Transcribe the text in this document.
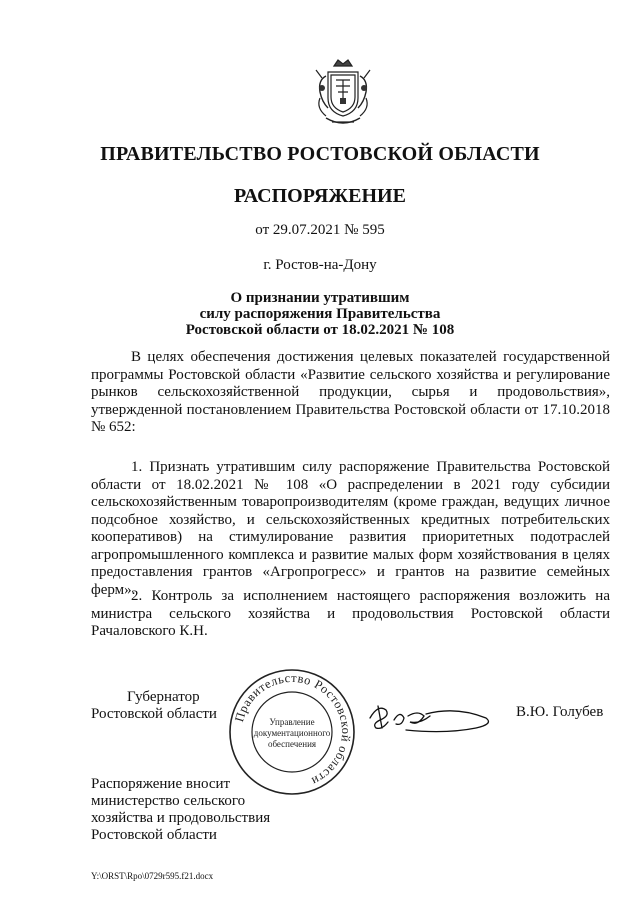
ПРАВИТЕЛЬСТВО РОСТОВСКОЙ ОБЛАСТИ
РАСПОРЯЖЕНИЕ
от 29.07.2021 № 595
г. Ростов-на-Дону
О признании утратившим
силу распоряжения Правительства
Ростовской области от 18.02.2021 № 108

В целях обеспечения достижения целевых показателей государственной программы Ростовской области «Развитие сельского хозяйства и регулирование рынков сельскохозяйственной продукции, сырья и продовольствия», утвержденной постановлением Правительства Ростовской области от 17.10.2018 № 652:

1. Признать утратившим силу распоряжение Правительства Ростовской области от 18.02.2021 № 108 «О распределении в 2021 году субсидии сельскохозяйственным товаропроизводителям (кроме граждан, ведущих личное подсобное хозяйство, и сельскохозяйственных кредитных потребительских кооперативов) на стимулирование развития приоритетных подотраслей агропромышленного комплекса и развитие малых форм хозяйствования в целях предоставления грантов «Агропрогресс» и грантов на развитие семейных ферм».

2. Контроль за исполнением настоящего распоряжения возложить на министра сельского хозяйства и продовольствия Ростовской области Рачаловского К.Н.

Губернатор
Ростовской области Правительство Ростовской области
Управление
документационного
обеспечения
В.Ю. Голубев
Распоряжение вносит
министерство сельского
хозяйства и продовольствия
Ростовской области
Y:\ORST\Rpo\0729r595.f21.docx
